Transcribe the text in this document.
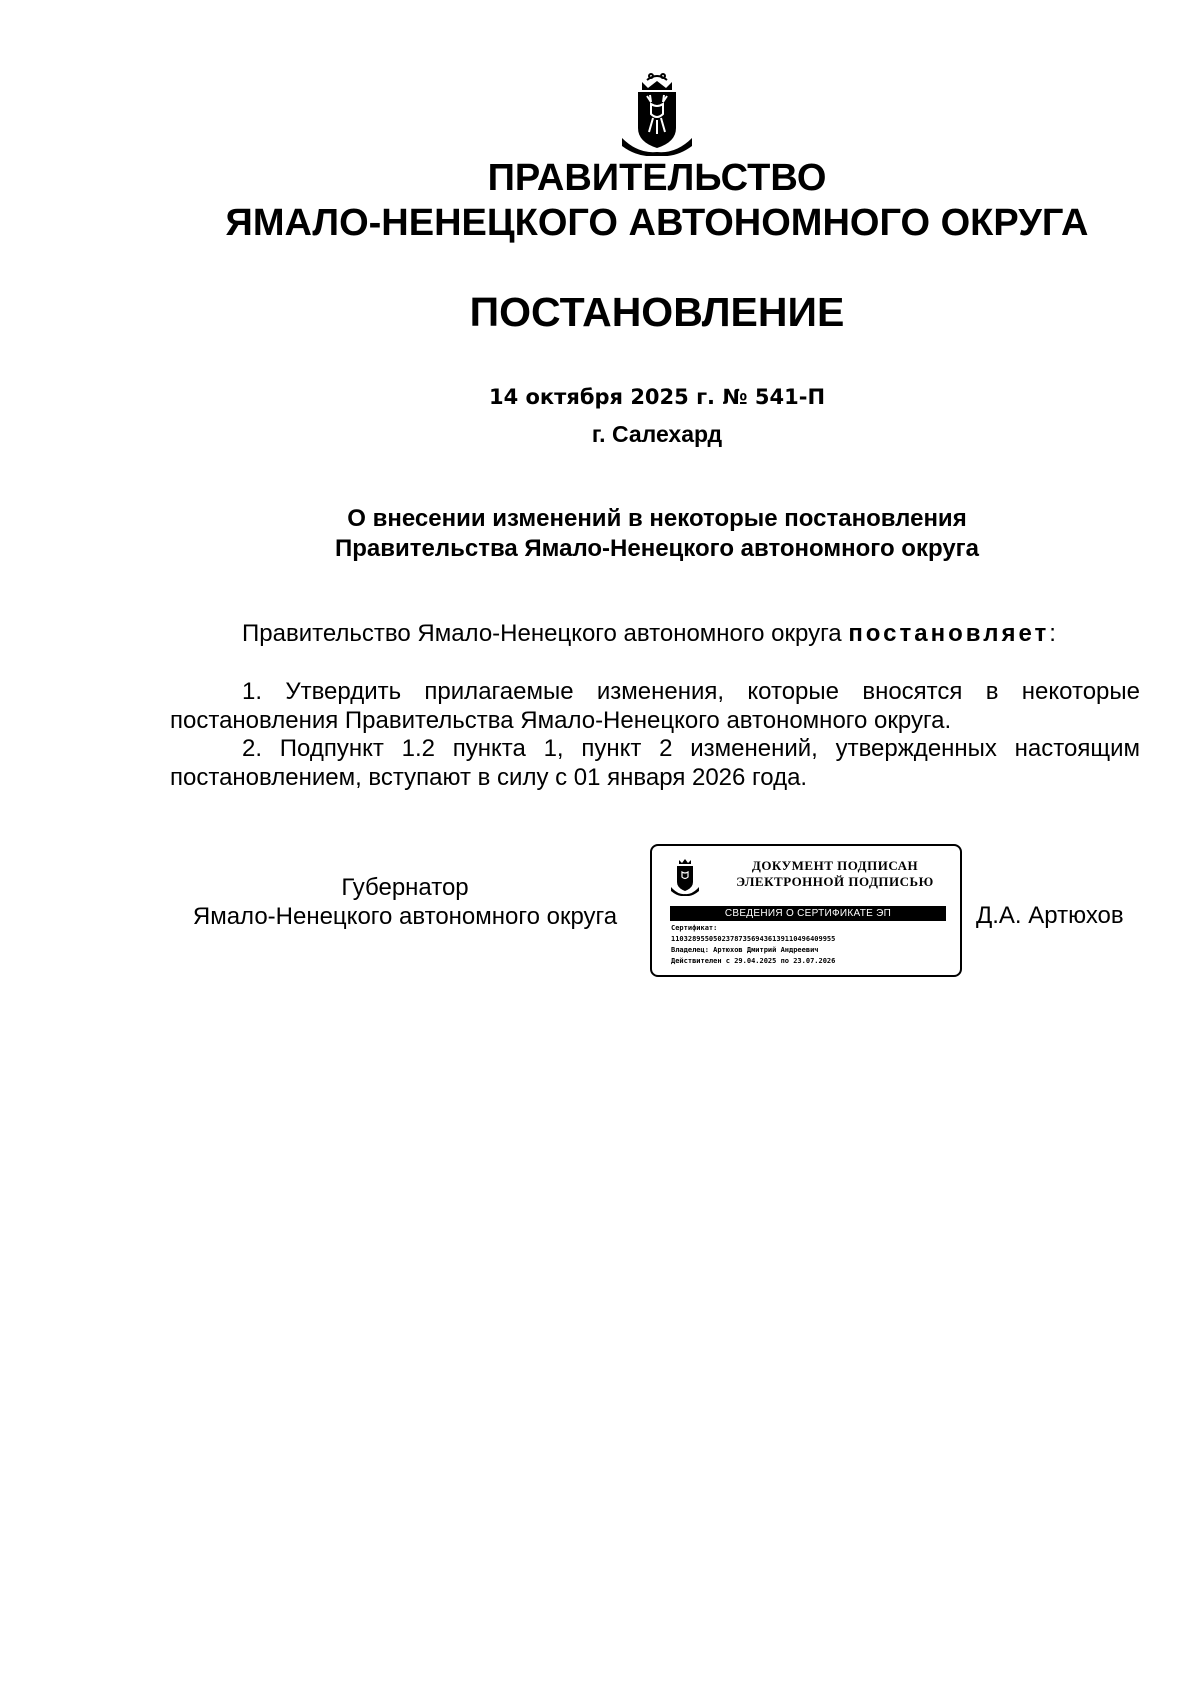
ПРАВИТЕЛЬСТВО
ЯМАЛО-НЕНЕЦКОГО АВТОНОМНОГО ОКРУГА
ПОСТАНОВЛЕНИЕ
14 октября 2025 г. № 541-П
г. Салехард
О внесении изменений в некоторые постановления
Правительства Ямало-Ненецкого автономного округа
Правительство Ямало-Ненецкого автономного округа постановляет:

1. Утвердить прилагаемые изменения, которые вносятся в некоторые постановления Правительства Ямало-Ненецкого автономного округа.

2. Подпункт 1.2 пункта 1, пункт 2 изменений, утвержденных настоящим постановлением, вступают в силу с 01 января 2026 года.

Губернатор
Ямало-Ненецкого автономного округа
ДОКУМЕНТ ПОДПИСАН
ЭЛЕКТРОННОЙ ПОДПИСЬЮ
СВЕДЕНИЯ О СЕРТИФИКАТЕ ЭП
Сертификат:
110328955050237873569436139110496409955
Владелец: Артюхов Дмитрий Андреевич
Действителен с 29.04.2025 по 23.07.2026
Д.А. Артюхов
